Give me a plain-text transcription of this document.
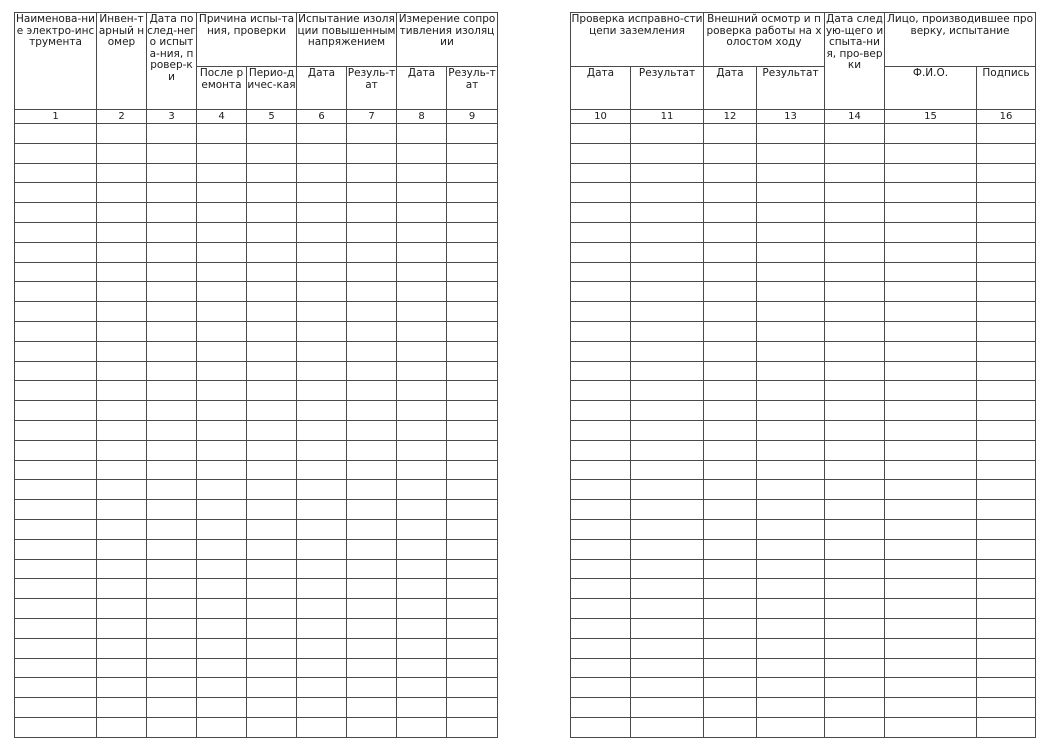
Наименова-ние электро-инструмента	Инвен-тарный номер	Дата послед-него испыта-ния, провер-ки	Причина испы-тания, проверки		Испытание изоляции повышенным напряжением		Измерение сопротивления изоляции	

			После ремонта	Перио-дичес-кая	Дата	Резуль-тат	Дата	Резуль-тат

1	2	3	4	5	6	7	8	9

Проверка исправно-сти цепи заземления		Внешний осмотр и проверка работы на холостом ходу		Дата следую-щего испыта-ния, про-верки	Лицо, производившее проверку, испытание	

Дата	Результат	Дата	Результат		Ф.И.О.	Подпись

10	11	12	13	14	15	16
